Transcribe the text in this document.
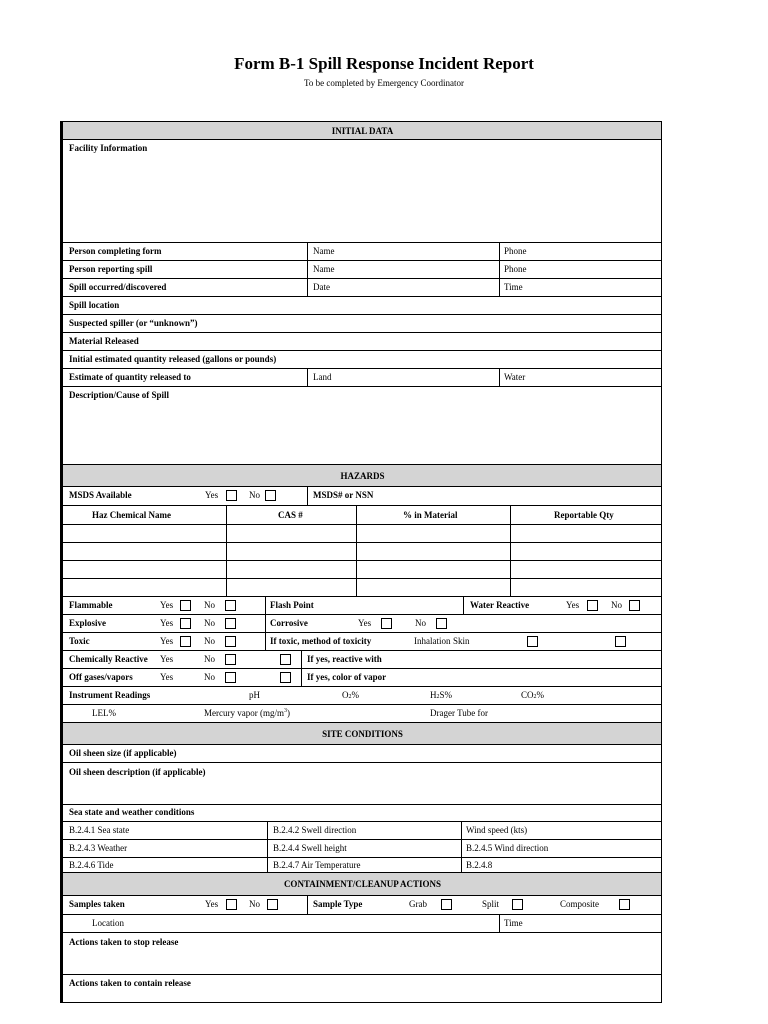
Form B-1 Spill Response Incident Report
To be completed by Emergency Coordinator
INITIAL DATA
Facility Information
Person completing form	Name	Phone
Person reporting spill	Name	Phone
Spill occurred/discovered	Date	Time
Spill location
Suspected spiller (or “unknown”)
Material Released
Initial estimated quantity released (gallons or pounds)
Estimate of quantity released to	Land	Water
Description/Cause of Spill
HAZARDS
MSDS Available	Yes	No	MSDS# or NSN
Haz Chemical Name	CAS #	% in Material	Reportable Qty
Flammable	Yes	No	Flash Point	Water Reactive	Yes	No
Explosive	Yes	No	Corrosive	Yes	No
Toxic	Yes	No	If toxic, method of toxicity	Inhalation Skin
Chemically Reactive Yes	No	If yes, reactive with
Off gases/vapors	Yes	No	If yes, color of vapor
Instrument Readings	pH	O2%	H2S%	CO2%
LEL%	Mercury vapor $(mg/m^3)$	Drager Tube for
SITE CONDITIONS
Oil sheen size (if applicable)
Oil sheen description (if applicable)
Sea state and weather conditions
B.2.4.1 Sea state	B.2.4.2 Swell direction	Wind speed (kts)
B.2.4.3 Weather	B.2.4.4 Swell height	B.2.4.5 Wind direction
B.2.4.6 Tide	B.2.4.7 Air Temperature	B.2.4.8
CONTAINMENT/CLEANUP ACTIONS
Samples taken	Yes	No	Sample Type	Grab	Split	Composite
Location	Time
Actions taken to stop release
Actions taken to contain release
